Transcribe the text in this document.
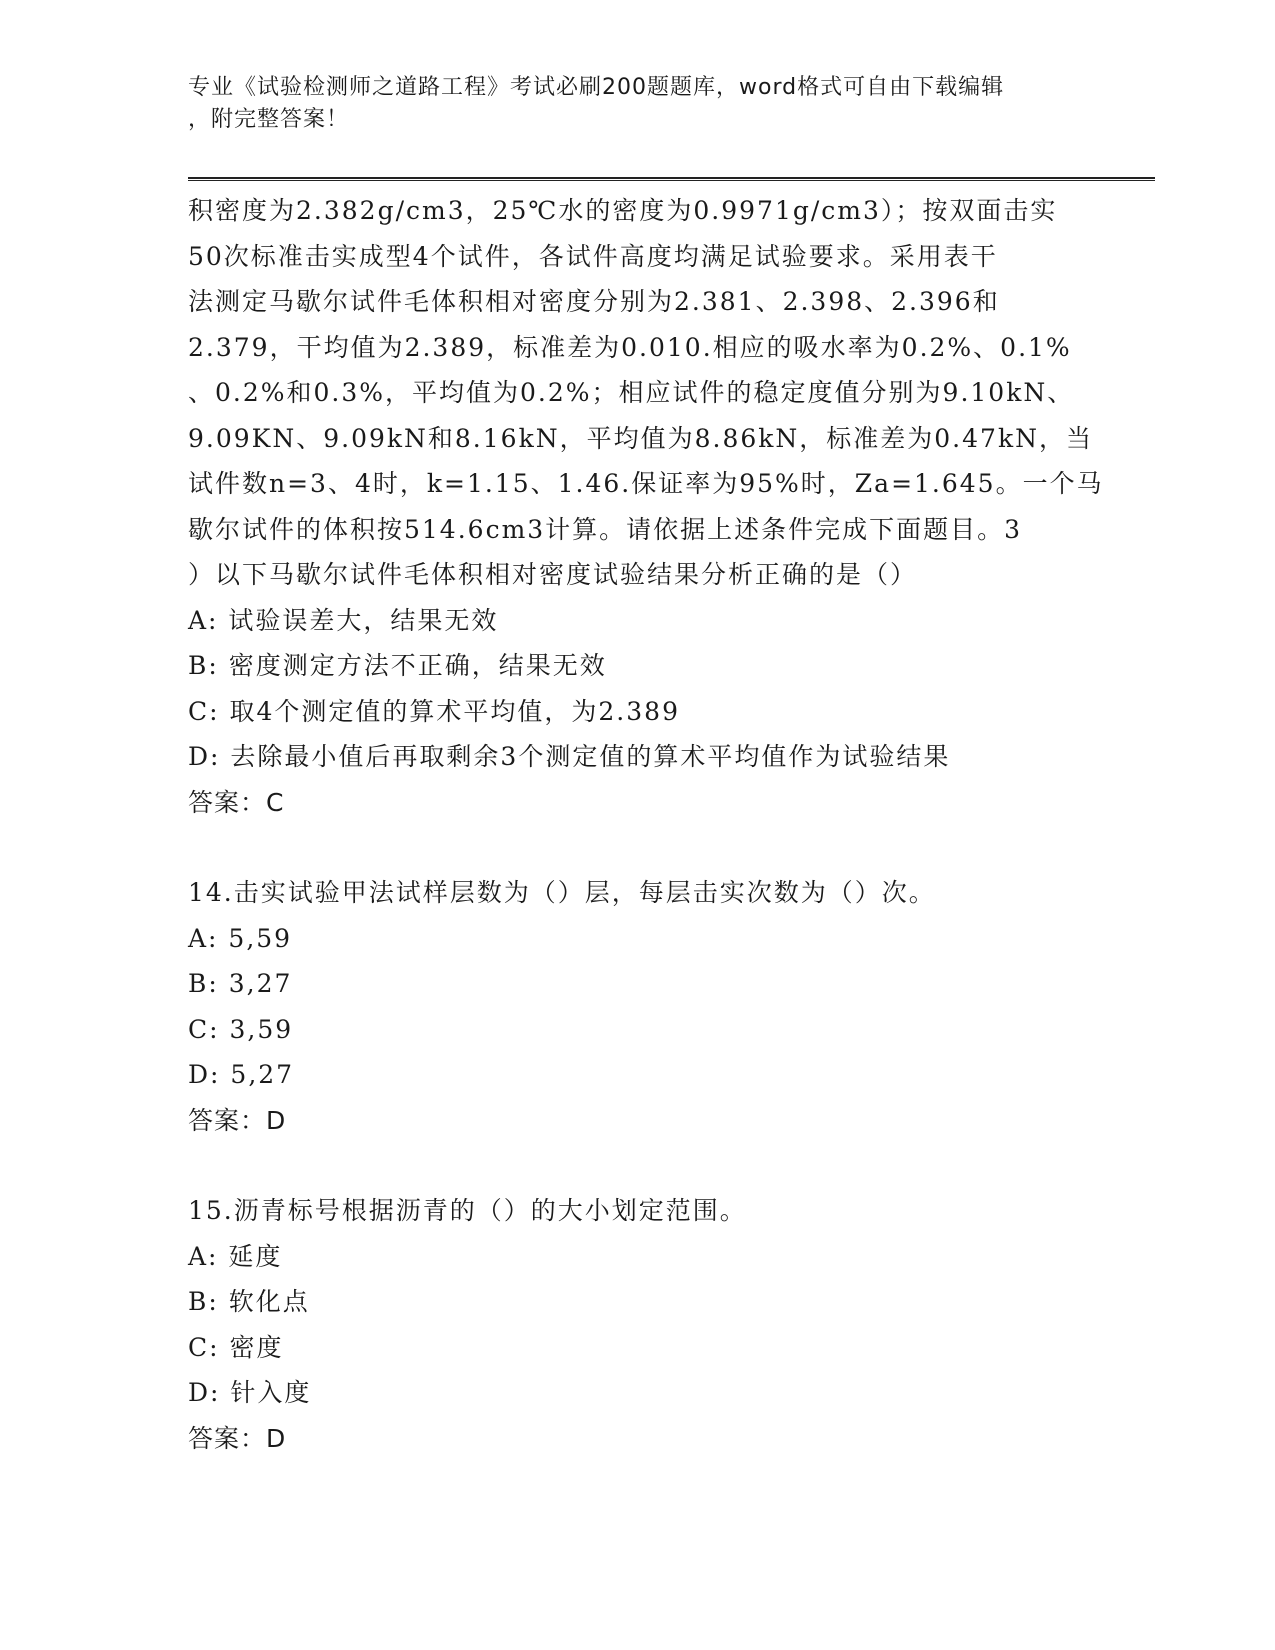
专业《试验检测师之道路工程》考试必刷200题题库，word格式可自由下载编辑
，附完整答案！
积密度为2.382g/cm3，25℃水的密度为0.9971g/cm3）；按双面击实
50次标准击实成型4个试件，各试件高度均满足试验要求。采用表干
法测定马歇尔试件毛体积相对密度分别为2.381、2.398、2.396和
2.379，干均值为2.389，标准差为0.010.相应的吸水率为0.2%、0.1%
、0.2%和0.3%，平均值为0.2%；相应试件的稳定度值分别为9.10kN、
9.09KN、9.09kN和8.16kN，平均值为8.86kN，标准差为0.47kN，当
试件数n=3、4时，k=1.15、1.46.保证率为95%时，Za=1.645。一个马
歇尔试件的体积按514.6cm3计算。请依据上述条件完成下面题目。3
）以下马歇尔试件毛体积相对密度试验结果分析正确的是（）
A: 试验误差大，结果无效
B: 密度测定方法不正确，结果无效
C: 取4个测定值的算术平均值，为2.389
D: 去除最小值后再取剩余3个测定值的算术平均值作为试验结果
答案：C
14.击实试验甲法试样层数为（）层，每层击实次数为（）次。
A: 5,59
B: 3,27
C: 3,59
D: 5,27
答案：D
15.沥青标号根据沥青的（）的大小划定范围。
A: 延度
B: 软化点
C: 密度
D: 针入度
答案：D
